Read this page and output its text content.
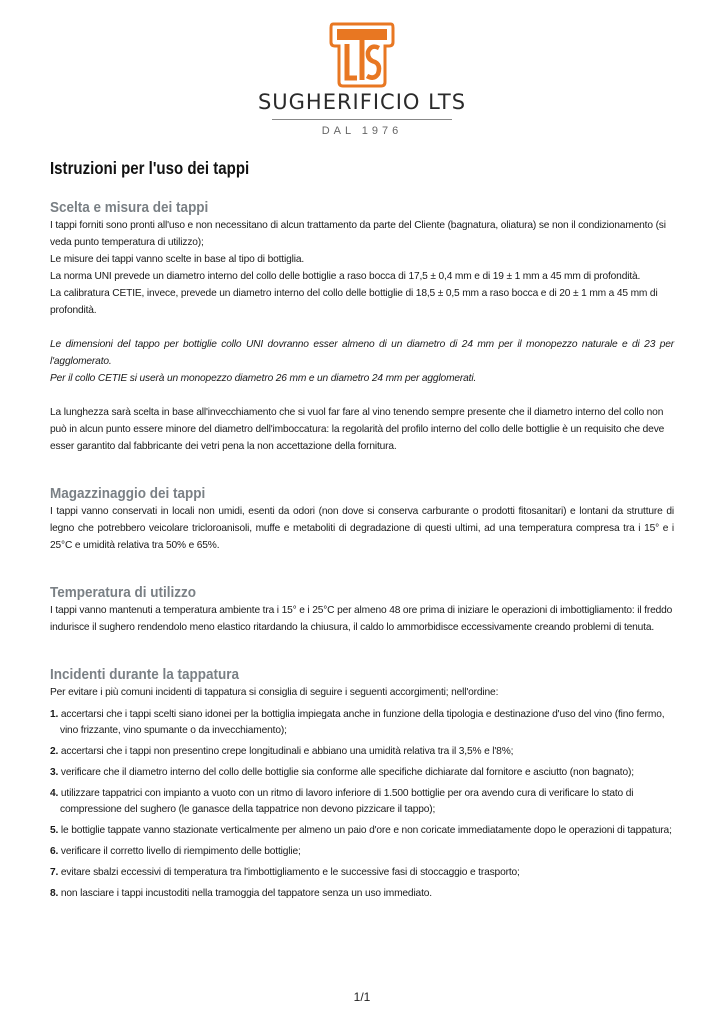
SUGHERIFICIO LTS
DAL 1976
Istruzioni per l'uso dei tappi
Scelta e misura dei tappi

I tappi forniti sono pronti all'uso e non necessitano di alcun trattamento da parte del Cliente (bagnatura, oliatura) se non il condizionamento (si veda punto temperatura di utilizzo);

Le misure dei tappi vanno scelte in base al tipo di bottiglia.

La norma UNI prevede un diametro interno del collo delle bottiglie a raso bocca di 17,5 ± 0,4 mm e di 19 ± 1 mm a 45 mm di profondità.

La calibratura CETIE, invece, prevede un diametro interno del collo delle bottiglie di 18,5 ± 0,5 mm a raso bocca e di 20 ± 1 mm a 45 mm di profondità.

Le dimensioni del tappo per bottiglie collo UNI dovranno esser almeno di un diametro di 24 mm per il monopezzo naturale e di 23 per l'agglomerato.

Per il collo CETIE si userà un monopezzo diametro 26 mm e un diametro 24 mm per agglomerati.

La lunghezza sarà scelta in base all'invecchiamento che si vuol far fare al vino tenendo sempre presente che il diametro interno del collo non può in alcun punto essere minore del diametro dell'imboccatura: la regolarità del profilo interno del collo delle bottiglie è un requisito che deve esser garantito dal fabbricante dei vetri pena la non accettazione della fornitura.

Magazzinaggio dei tappi

I tappi vanno conservati in locali non umidi, esenti da odori (non dove si conserva carburante o prodotti fitosanitari) e lontani da strutture di legno che potrebbero veicolare tricloroanisoli, muffe e metaboliti di degradazione di questi ultimi, ad una temperatura compresa tra i 15° e i 25°C e umidità relativa tra 50% e 65%.

Temperatura di utilizzo

I tappi vanno mantenuti a temperatura ambiente tra i 15° e i 25°C per almeno 48 ore prima di iniziare le operazioni di imbottigliamento: il freddo indurisce il sughero rendendolo meno elastico ritardando la chiusura, il caldo lo ammorbidisce eccessivamente creando problemi di tenuta.

Incidenti durante la tappatura

Per evitare i più comuni incidenti di tappatura si consiglia di seguire i seguenti accorgimenti; nell'ordine:

1. accertarsi che i tappi scelti siano idonei per la bottiglia impiegata anche in funzione della tipologia e destinazione d'uso del vino (fino fermo, vino frizzante, vino spumante o da invecchiamento);
2. accertarsi che i tappi non presentino crepe longitudinali e abbiano una umidità relativa tra il 3,5% e l'8%;
3. verificare che il diametro interno del collo delle bottiglie sia conforme alle specifiche dichiarate dal fornitore e asciutto (non bagnato);
4. utilizzare tappatrici con impianto a vuoto con un ritmo di lavoro inferiore di 1.500 bottiglie per ora avendo cura di verificare lo stato di compressione del sughero (le ganasce della tappatrice non devono pizzicare il tappo);
5. le bottiglie tappate vanno stazionate verticalmente per almeno un paio d'ore e non coricate immediatamente dopo le operazioni di tappatura;
6. verificare il corretto livello di riempimento delle bottiglie;
7. evitare sbalzi eccessivi di temperatura tra l'imbottigliamento e le successive fasi di stoccaggio e trasporto;
8. non lasciare i tappi incustoditi nella tramoggia del tappatore senza un uso immediato.
1/1
